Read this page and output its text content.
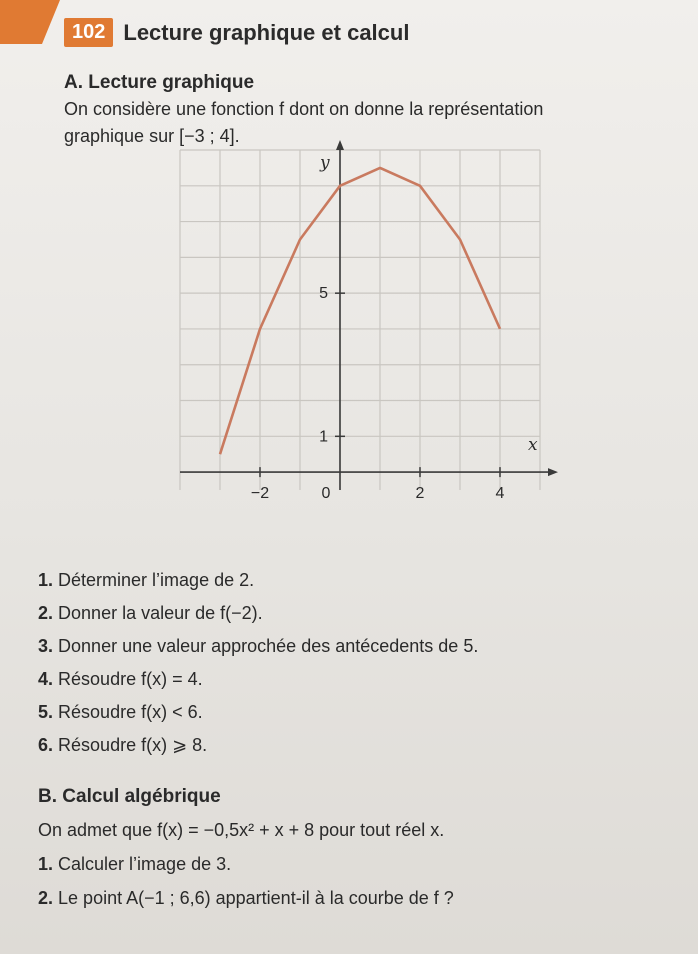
102 Lecture graphique et calcul
A. Lecture graphique
On considère une fonction f dont on donne la représentation
graphique sur [−3 ; 4].
−2	0	2	4
1
5
y
x
1. Déterminer l’image de 2.
2. Donner la valeur de f(−2).
3. Donner une valeur approchée des antécedents de 5.
4. Résoudre f(x) = 4.
5. Résoudre f(x) < 6.
6. Résoudre f(x) ⩾ 8.
B. Calcul algébrique
On admet que f(x) = −0,5x² + x + 8 pour tout réel x.
1. Calculer l’image de 3.
2. Le point A(−1 ; 6,6) appartient-il à la courbe de f ?
